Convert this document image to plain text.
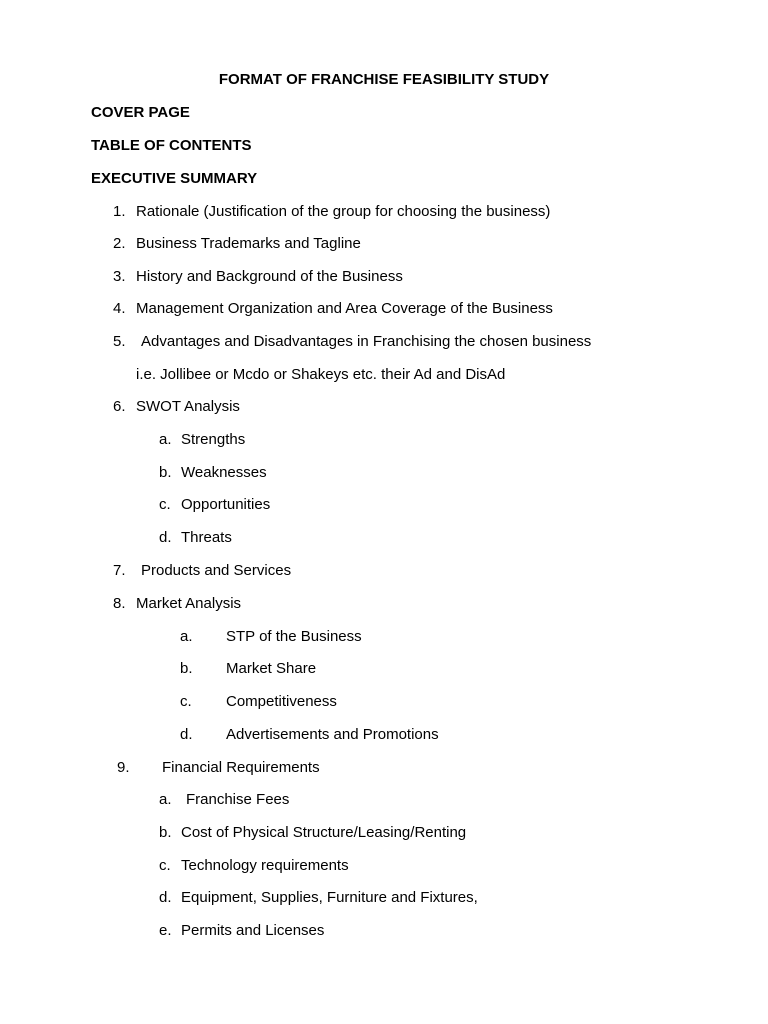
FORMAT OF FRANCHISE FEASIBILITY STUDY
COVER PAGE
TABLE OF CONTENTS
EXECUTIVE SUMMARY
1. Rationale (Justification of the group for choosing the business)
2. Business Trademarks and Tagline
3. History and Background of the Business
4. Management Organization and Area Coverage of the Business
5. Advantages and Disadvantages in Franchising the chosen business
i.e. Jollibee or Mcdo or Shakeys etc. their Ad and DisAd
6. SWOT Analysis
a. Strengths
b. Weaknesses
c. Opportunities
d. Threats
7. Products and Services
8. Market Analysis
a. STP of the Business
b. Market Share
c. Competitiveness
d. Advertisements and Promotions
9. Financial Requirements
a. Franchise Fees
b. Cost of Physical Structure/Leasing/Renting
c. Technology requirements
d. Equipment, Supplies, Furniture and Fixtures,
e. Permits and Licenses
